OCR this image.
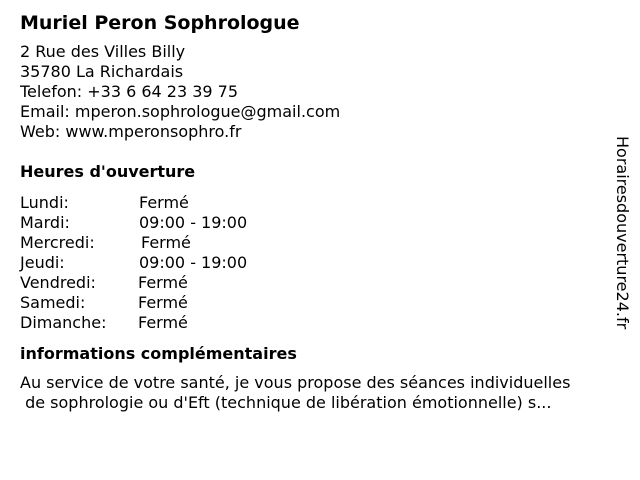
Muriel Peron Sophrologue
2 Rue des Villes Billy
35780 La Richardais
Telefon: +33 6 64 23 39 75
Email: mperon.sophrologue@gmail.com
Web: www.mperonsophro.fr
Heures d'ouverture
Lundi:	Fermé
Mardi:	09:00 - 19:00
Mercredi:	Fermé
Jeudi:	09:00 - 19:00
Vendredi:	Fermé
Samedi:	Fermé
Dimanche: Fermé
informations complémentaires
Au service de votre santé, je vous propose des séances individuelles
de sophrologie ou d'Eft (technique de libération émotionnelle) s...
Horairesdouverture24.fr
